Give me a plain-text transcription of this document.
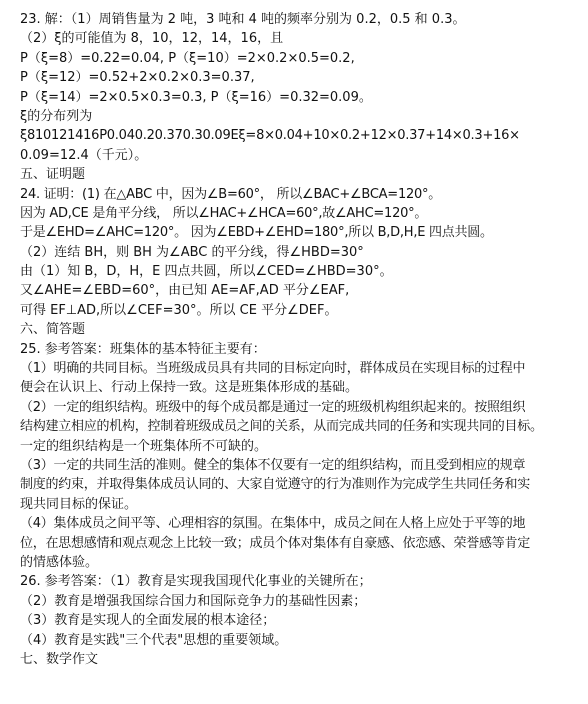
23. 解：（1）周销售量为 2 吨，3 吨和 4 吨的频率分别为 0.2，0.5 和 0.3。
（2）ξ的可能值为 8，10，12，14，16，且
P（ξ=8）=0.22=0.04, P（ξ=10）=2×0.2×0.5=0.2,
P（ξ=12）=0.52+2×0.2×0.3=0.37,
P（ξ=14）=2×0.5×0.3=0.3, P（ξ=16）=0.32=0.09。
ξ的分布列为
ξ810121416P0.040.20.370.30.09Eξ=8×0.04+10×0.2+12×0.37+14×0.3+16×
0.09=12.4（千元）。
五、证明题
24. 证明：(1) 在△ABC 中，因为∠B=60°， 所以∠BAC+∠BCA=120°。
因为 AD,CE 是角平分线， 所以∠HAC+∠HCA=60°,故∠AHC=120°。
于是∠EHD=∠AHC=120°。 因为∠EBD+∠EHD=180°,所以 B,D,H,E 四点共圆。
（2）连结 BH，则 BH 为∠ABC 的平分线，得∠HBD=30°
由（1）知 B，D，H，E 四点共圆，所以∠CED=∠HBD=30°。
又∠AHE=∠EBD=60°，由已知 AE=AF,AD 平分∠EAF,
可得 EF⊥AD,所以∠CEF=30°。所以 CE 平分∠DEF。
六、简答题
25. 参考答案：班集体的基本特征主要有：
（1）明确的共同目标。当班级成员具有共同的目标定向时，群体成员在实现目标的过程中
便会在认识上、行动上保持一致。这是班集体形成的基础。
（2）一定的组织结构。班级中的每个成员都是通过一定的班级机构组织起来的。按照组织
结构建立相应的机构，控制着班级成员之间的关系，从而完成共同的任务和实现共同的目标。
一定的组织结构是一个班集体所不可缺的。
（3）一定的共同生活的准则。健全的集体不仅要有一定的组织结构，而且受到相应的规章
制度的约束，并取得集体成员认同的、大家自觉遵守的行为准则作为完成学生共同任务和实
现共同目标的保证。
（4）集体成员之间平等、心理相容的氛围。在集体中，成员之间在人格上应处于平等的地
位，在思想感情和观点观念上比较一致；成员个体对集体有自豪感、依恋感、荣誉感等肯定
的情感体验。
26. 参考答案：（1）教育是实现我国现代化事业的关键所在；
（2）教育是增强我国综合国力和国际竞争力的基础性因素；
（3）教育是实现人的全面发展的根本途径；
（4）教育是实践"三个代表"思想的重要领域。
七、数学作文
